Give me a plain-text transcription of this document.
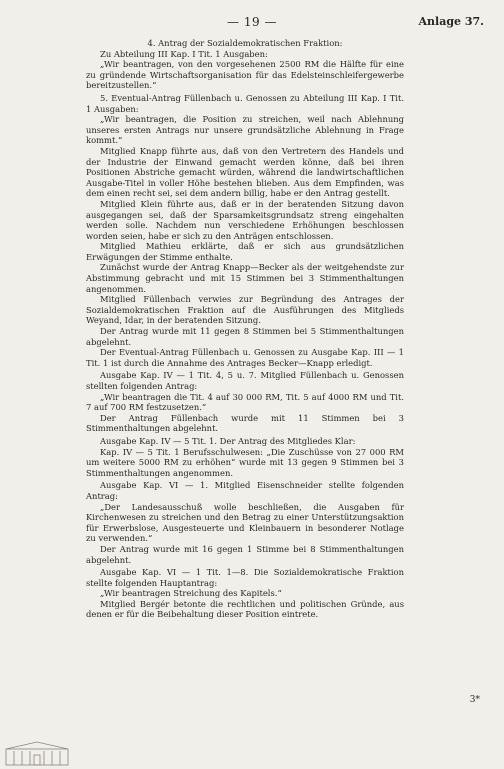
— 19 —	Anlage 37.

4. Antrag der Sozialdemokratischen Fraktion:

Zu Abteilung III Kap. I Tit. 1 Ausgaben:

„Wir beantragen, von den vorgesehenen 2500 RM die Hälfte für eine zu gründende Wirtschaftsorganisation für das Edelsteinschleifergewerbe bereitzustellen.“

5. Eventual-Antrag Füllenbach u. Genossen zu Abteilung III Kap. I Tit. 1 Ausgaben:

„Wir beantragen, die Position zu streichen, weil nach Ablehnung unseres ersten Antrags nur unsere grundsätzliche Ablehnung in Frage kommt.“

Mitglied Knapp führte aus, daß von den Vertretern des Handels und der Industrie der Einwand gemacht werden könne, daß bei ihren Positionen Abstriche gemacht würden, während die landwirtschaftlichen Ausgabe-Titel in voller Höhe bestehen blieben. Aus dem Empfinden, was dem einen recht sei, sei dem andern billig, habe er den Antrag gestellt.

Mitglied Klein führte aus, daß er in der beratenden Sitzung davon ausgegangen sei, daß der Sparsamkeitsgrundsatz streng eingehalten werden solle. Nachdem nun verschiedene Erhöhungen beschlossen worden seien, habe er sich zu den Anträgen entschlossen.

Mitglied Mathieu erklärte, daß er sich aus grundsätzlichen Erwägungen der Stimme enthalte.

Zunächst wurde der Antrag Knapp—Becker als der weitgehendste zur Abstimmung gebracht und mit 15 Stimmen bei 3 Stimmenthaltungen angenommen.

Mitglied Füllenbach verwies zur Begründung des Antrages der Sozialdemokratischen Fraktion auf die Ausführungen des Mitglieds Weyand, Idar, in der beratenden Sitzung.

Der Antrag wurde mit 11 gegen 8 Stimmen bei 5 Stimmenthaltungen abgelehnt.

Der Eventual-Antrag Füllenbach u. Genossen zu Ausgabe Kap. III — 1 Tit. 1 ist durch die Annahme des Antrages Becker—Knapp erledigt.

Ausgabe Kap. IV — 1 Tit. 4, 5 u. 7. Mitglied Füllenbach u. Genossen stellten folgenden Antrag:

„Wir beantragen die Tit. 4 auf 30 000 RM, Tit. 5 auf 4000 RM und Tit. 7 auf 700 RM festzusetzen.“

Der Antrag Füllenbach wurde mit 11 Stimmen bei 3 Stimmenthaltungen abgelehnt.

Ausgabe Kap. IV — 5 Tit. 1. Der Antrag des Mitgliedes Klar:

Kap. IV — 5 Tit. 1 Berufsschulwesen: „Die Zuschüsse von 27 000 RM um weitere 5000 RM zu erhöhen“ wurde mit 13 gegen 9 Stimmen bei 3 Stimmenthaltungen angenommen.

Ausgabe Kap. VI — 1. Mitglied Eisenschneider stellte folgenden Antrag:

„Der Landesausschuß wolle beschließen, die Ausgaben für Kirchenwesen zu streichen und den Betrag zu einer Unterstützungsaktion für Erwerbslose, Ausgesteuerte und Kleinbauern in besonderer Notlage zu verwenden.“

Der Antrag wurde mit 16 gegen 1 Stimme bei 8 Stimmenthaltungen abgelehnt.

Ausgabe Kap. VI — 1 Tit. 1—8. Die Sozialdemokratische Fraktion stellte folgenden Hauptantrag:

„Wir beantragen Streichung des Kapitels.“

Mitglied Bergér betonte die rechtlichen und politischen Gründe, aus denen er für die Beibehaltung dieser Position eintrete.

3*
